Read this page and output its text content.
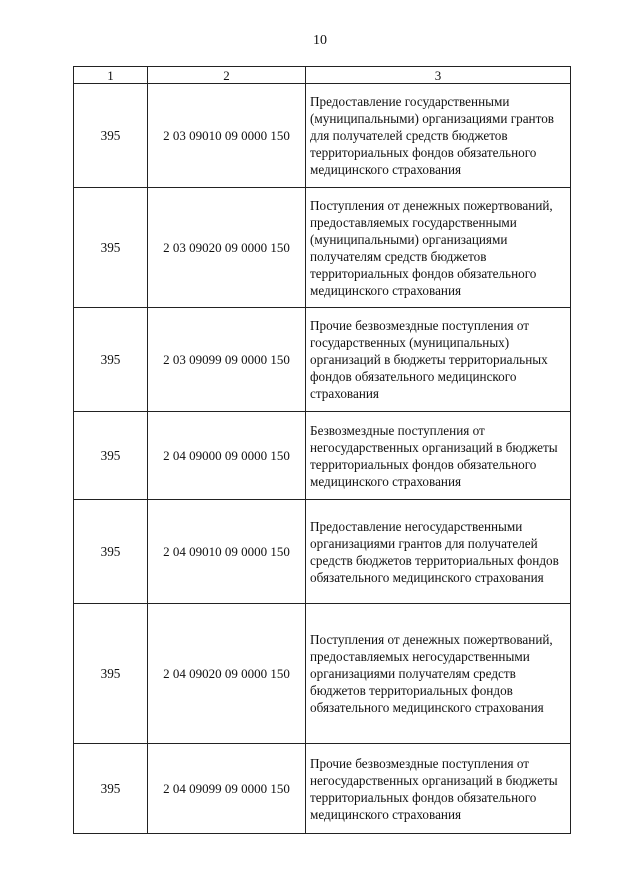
10
1	2	3
395	2 03 09010 09 0000 150	Предоставление государственными (муниципальными) организациями грантов для получателей средств бюджетов территориальных фондов обязательного медицинского страхования
395	2 03 09020 09 0000 150	Поступления от денежных пожертвований, предоставляемых государственными (муниципальными) организациями получателям средств бюджетов территориальных фондов обязательного медицинского страхования
395	2 03 09099 09 0000 150	Прочие безвозмездные поступления от государственных (муниципальных) организаций в бюджеты территориальных фондов обязательного медицинского страхования
395	2 04 09000 09 0000 150	Безвозмездные поступления от негосударственных организаций в бюджеты территориальных фондов обязательного медицинского страхования
395	2 04 09010 09 0000 150	Предоставление негосударственными организациями грантов для получателей средств бюджетов территориальных фондов обязательного медицинского страхования
395	2 04 09020 09 0000 150	Поступления от денежных пожертвований, предоставляемых негосударственными организациями получателям средств бюджетов территориальных фондов обязательного медицинского страхования
395	2 04 09099 09 0000 150	Прочие безвозмездные поступления от негосударственных организаций в бюджеты территориальных фондов обязательного медицинского страхования
